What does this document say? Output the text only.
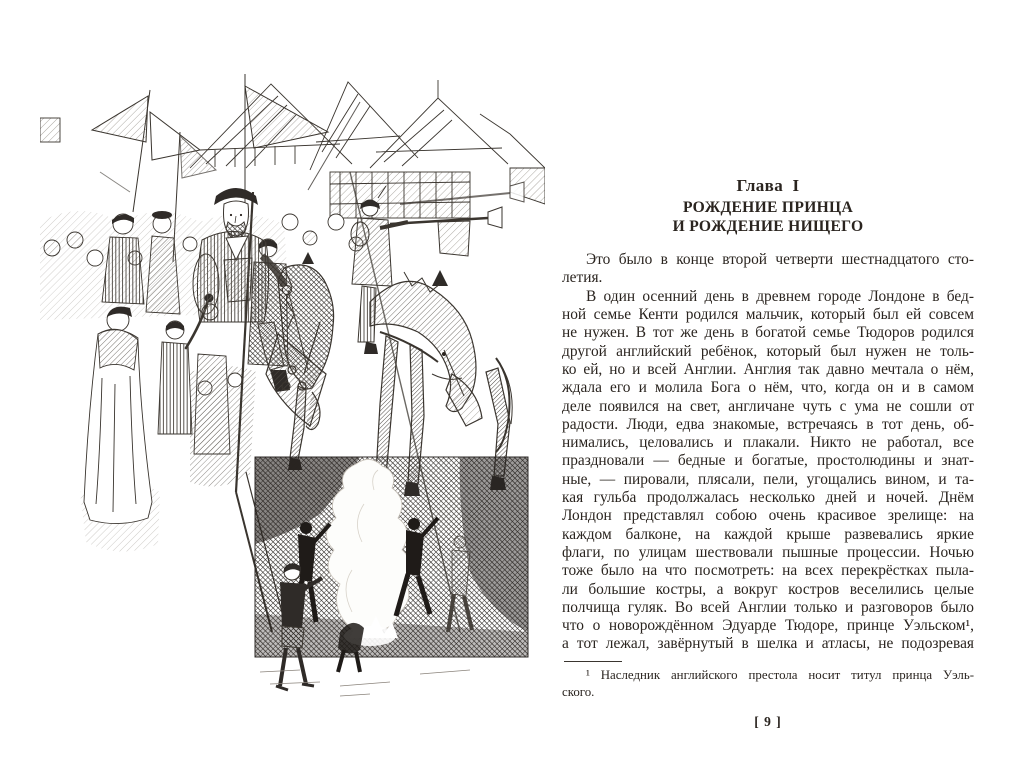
Глава  I
РОЖДЕНИЕ ПРИНЦА
И РОЖДЕНИЕ НИЩЕГО
Это было в конце второй четверти шестнадцатого сто-
летия.
В один осенний день в древнем городе Лондоне в бед-
ной семье Кенти родился мальчик, который был ей совсем
не нужен. В тот же день в богатой семье Тюдоров родился
другой английский ребёнок, который был нужен не толь-
ко ей, но и всей Англии. Англия так давно мечтала о нём,
ждала его и молила Бога о нём, что, когда он и в самом
деле появился на свет, англичане чуть с ума не сошли от
радости. Люди, едва знакомые, встречаясь в тот день, об-
нимались, целовались и плакали. Никто не работал, все
праздновали — бедные и богатые, простолюдины и знат-
ные, — пировали, плясали, пели, угощались вином, и та-
кая гульба продолжалась несколько дней и ночей. Днём
Лондон представлял собою очень красивое зрелище: на
каждом балконе, на каждой крыше развевались яркие
флаги, по улицам шествовали пышные процессии. Ночью
тоже было на что посмотреть: на всех перекрёстках пыла-
ли большие костры, а вокруг костров веселились целые
полчища гуляк. Во всей Англии только и разговоров было
что о новорождённом Эдуарде Тюдоре, принце Уэльском¹,
а тот лежал, завёрнутый в шелка и атласы, не подозревая
¹ Наследник английского престола носит титул принца Уэль-
ского.
[ 9 ]
